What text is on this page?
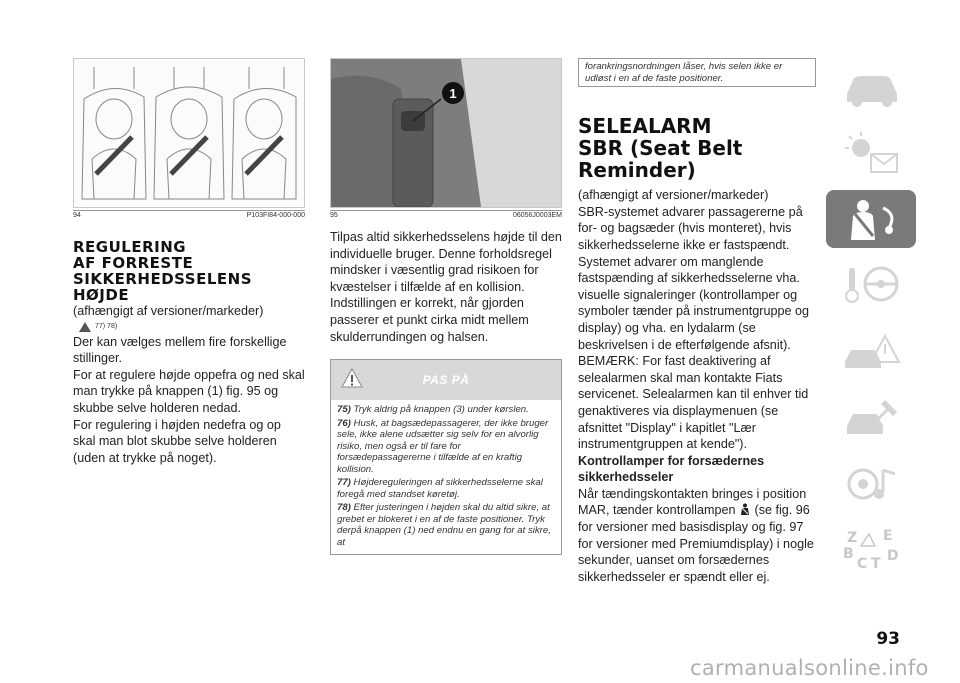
94	P103FI84-000-000
REGULERING
AF FORRESTE
SIKKERHEDSSELENS
HØJDE

(afhængigt af versioner/markeder)

77) 78)

Der kan vælges mellem fire forskellige stillinger.

For at regulere højde oppefra og ned skal man trykke på knappen (1) fig. 95 og skubbe selve holderen nedad.

For regulering i højden nedefra og op skal man blot skubbe selve holderen (uden at trykke på noget).

1
95	06056J0003EM

Tilpas altid sikkerhedsselens højde til den individuelle bruger. Denne forholdsregel mindsker i væsentlig grad risikoen for kvæstelser i tilfælde af en kollision.

Indstillingen er korrekt, når gjorden passerer et punkt cirka midt mellem skulderrundingen og halsen.

PAS PÅ
75) Tryk aldrig på knappen (3) under kørslen.
76) Husk, at bagsædepassagerer, der ikke bruger sele, ikke alene udsætter sig selv for en alvorlig risiko, men også er til fare for forsædepassagererne i tilfælde af en kraftig kollision.
77) Højdereguleringen af sikkerhedsselerne skal foregå med standset køretøj.
78) Efter justeringen i højden skal du altid sikre, at grebet er blokeret i en af de faste positioner. Tryk derpå knappen (1) ned endnu en gang for at sikre, at
forankringsnordningen låser, hvis selen ikke er udløst i en af de faste positioner.
SELEALARM
SBR (Seat Belt
Reminder)

(afhængigt af versioner/markeder)

SBR-systemet advarer passagererne på for- og bagsæder (hvis monteret), hvis sikkerhedsselerne ikke er fastspændt.

Systemet advarer om manglende fastspænding af sikkerhedsselerne vha. visuelle signaleringer (kontrollamper og symboler tænder på instrumentgruppe og display) og vha. en lydalarm (se beskrivelsen i de efterfølgende afsnit).

BEMÆRK: For fast deaktivering af selealarmen skal man kontakte Fiats servicenet. Selealarmen kan til enhver tid genaktiveres via displaymenuen (se afsnittet "Display" i kapitlet "Lær instrumentgruppen at kende").

Kontrollamper for forsædernes sikkerhedsseler

Når tændingskontakten bringes i position MAR, tænder kontrollampen (se fig. 96 for versioner med basisdisplay og fig. 97 for versioner med Premiumdisplay) i nogle sekunder, uanset om forsædernes sikkerhedsseler er spændt eller ej.

Z E
B
C T D
93
carmanualsonline.info
